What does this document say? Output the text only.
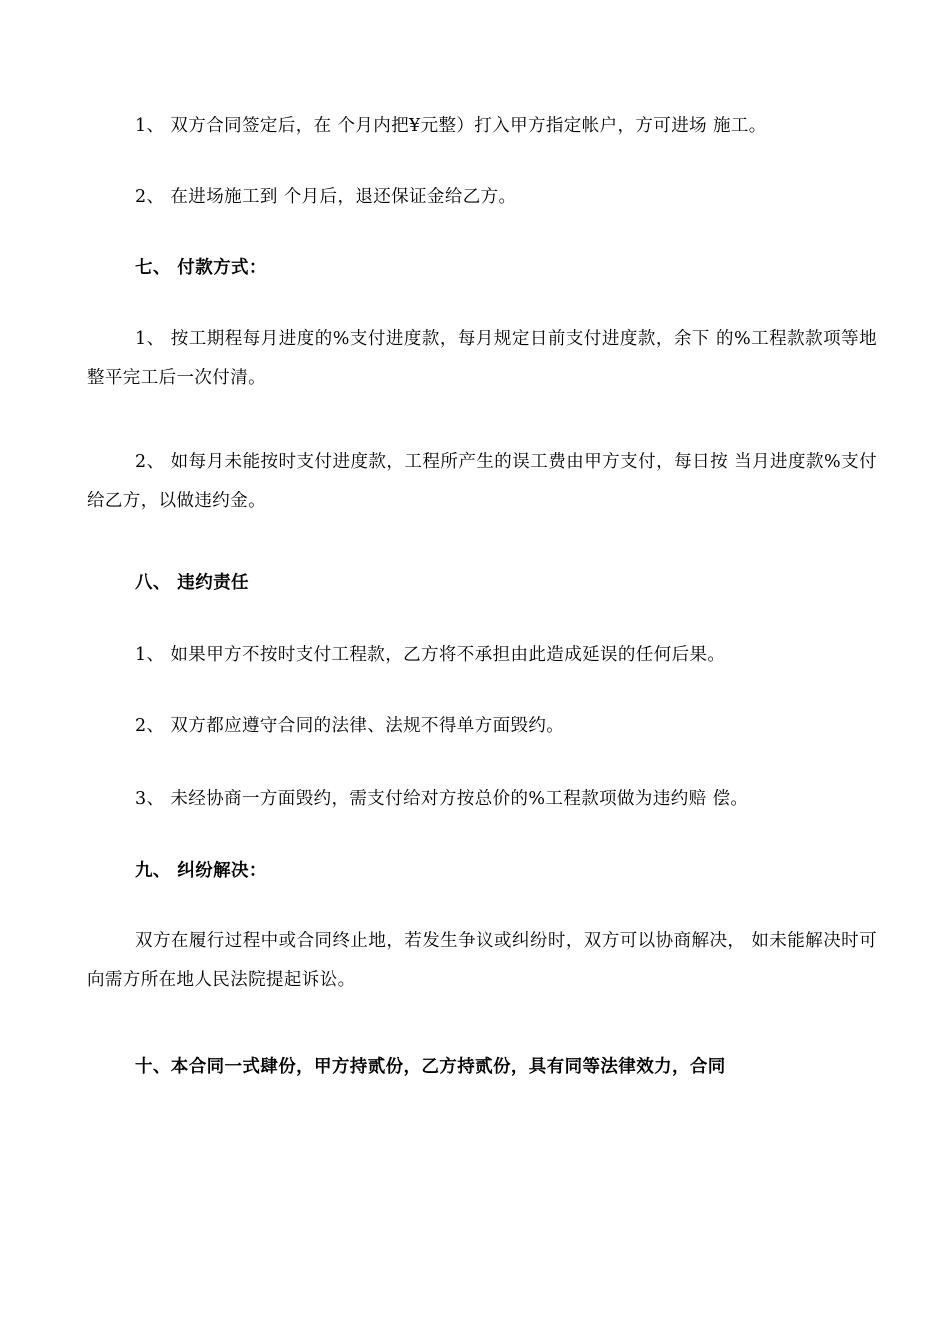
1、 双方合同签定后，在 个月内把¥元整）打入甲方指定帐户，方可进场 施工。

2、 在进场施工到 个月后，退还保证金给乙方。

七、 付款方式：

1、 按工期程每月进度的%支付进度款，每月规定日前支付进度款，余下 的%工程款款项等地整平完工后一次付清。

2、 如每月未能按时支付进度款，工程所产生的误工费由甲方支付，每日按 当月进度款%支付给乙方，以做违约金。

八、 违约责任

1、 如果甲方不按时支付工程款，乙方将不承担由此造成延误的任何后果。

2、 双方都应遵守合同的法律、法规不得单方面毁约。

3、 未经协商一方面毁约，需支付给对方按总价的%工程款项做为违约赔 偿。

九、 纠纷解决：

双方在履行过程中或合同终止地，若发生争议或纠纷时，双方可以协商解决， 如未能解决时可向需方所在地人民法院提起诉讼。

十、本合同一式肆份，甲方持贰份，乙方持贰份，具有同等法律效力，合同
